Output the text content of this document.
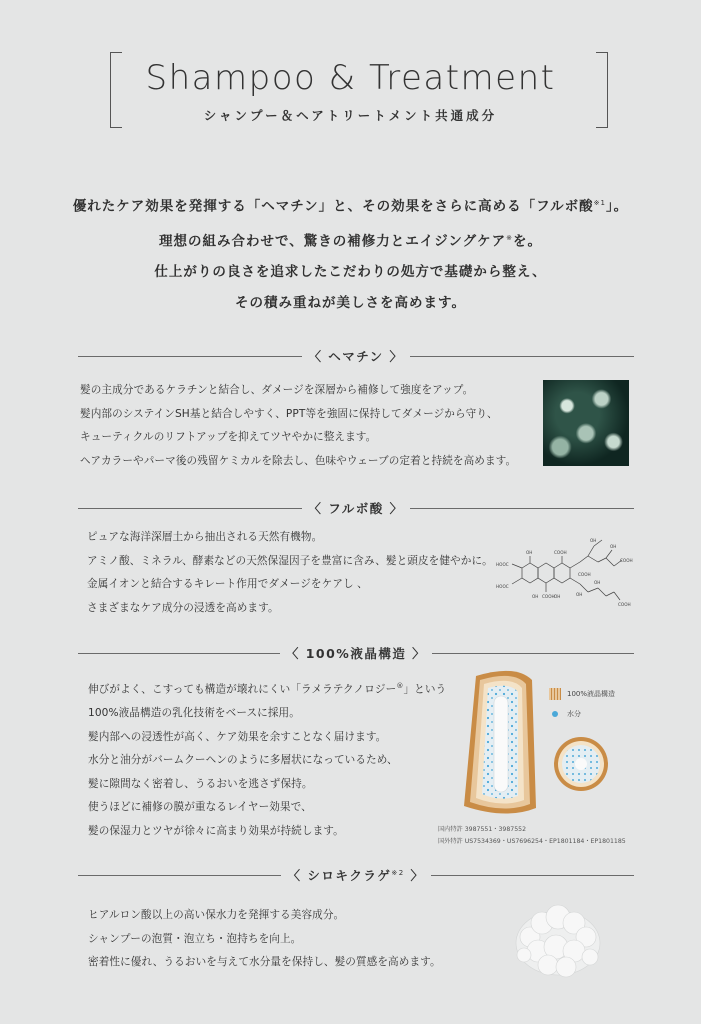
Shampoo & Treatment
シャンプー＆ヘアトリートメント共通成分

優れたケア効果を発揮する「ヘマチン」と、その効果をさらに高める「フルボ酸$^{※1}$」。

理想の組み合わせで、驚きの補修力とエイジングケア※を。

仕上がりの良さを追求したこだわりの処方で基礎から整え、

その積み重ねが美しさを高めます。

〈 ヘマチン 〉

髪の主成分であるケラチンと結合し、ダメージを深層から補修して強度をアップ。

髪内部のシステインSH基と結合しやすく、PPT等を強固に保持してダメージから守り、

キューティクルのリフトアップを抑えてツヤやかに整えます。

ヘアカラーやパーマ後の残留ケミカルを除去し、色味やウェーブの定着と持続を高めます。

〈 フルボ酸 〉

ピュアな海洋深層土から抽出される天然有機物。

アミノ酸、ミネラル、酵素などの天然保湿因子を豊富に含み、髪と頭皮を健やかに。

金属イオンと結合するキレート作用でダメージをケアし 、

さまざまなケア成分の浸透を高めます。

HOOC
OH	COOH
OH
OH
HOOC
OH COOH OH	OH
COOH
OH
COOH
COOH
〈 100%液晶構造 〉

伸びがよく、こすっても構造が壊れにくい「ラメラテクノロジー®」という

100%液晶構造の乳化技術をベースに採用。

髪内部への浸透性が高く、ケア効果を余すことなく届けます。

水分と油分がバームクーヘンのように多層状になっているため、

髪に隙間なく密着し、うるおいを逃さず保持。

使うほどに補修の膜が重なるレイヤー効果で、

髪の保湿力とツヤが徐々に高まり効果が持続します。

100%液晶構造
水分

国内特許 3987551・3987552

国外特許 US7534369・US7696254・EP1801184・EP1801185

〈 シロキクラゲ$^{※2}$ 〉

ヒアルロン酸以上の高い保水力を発揮する美容成分。

シャンプーの泡質・泡立ち・泡持ちを向上。

密着性に優れ、うるおいを与えて水分量を保持し、髪の質感を高めます。
